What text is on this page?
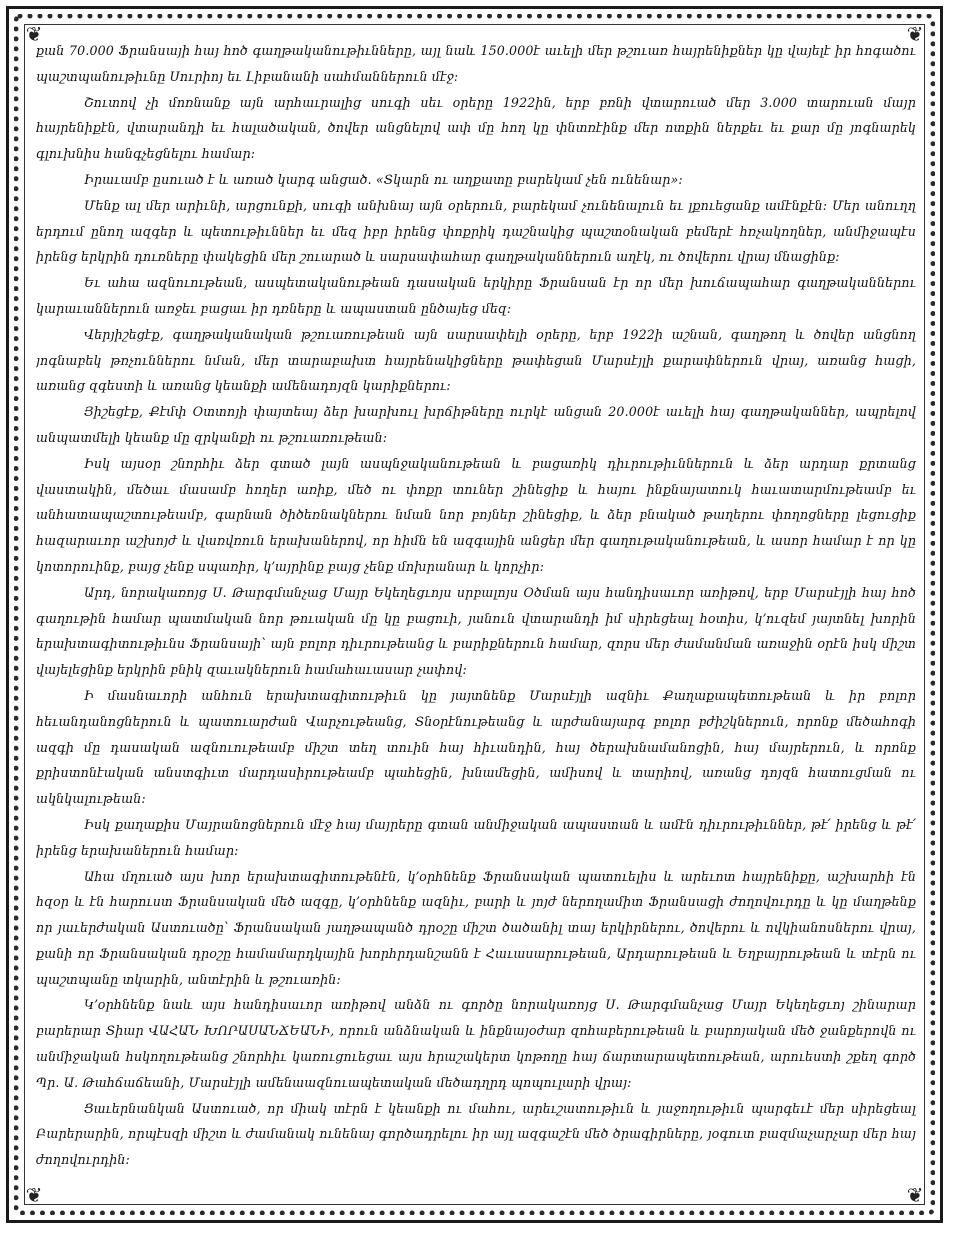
❦	❦
❦	❦

քան 70.000 Ֆրանսայի հայ հոծ գաղթականութիւնները, այլ նաև 150.000է աւելի մեր թշուառ հայրենիքներ կը վայելէ իր հոգածու պաշտպանութիւնը Սուրիոյ եւ Լիբանանի սահմաններուն մէջ։

Շուտով չի մոռնանք այն արհաւրալից սուգի սեւ օրերը 1922ին, երբ բռնի վտարուած մեր 3.000 տարուան մայր հայրենիքէն, վտարանդի եւ հալածական, ծովեր անցնելով ափ մը հող կը փնտռէինք մեր ոտքին ներքեւ եւ քար մը յոգնարեկ գլուխնիս հանգչեցնելու համար։

Իրաւամբ ըսուած է և առած կարգ անցած. «Տկարն ու աղքատը բարեկամ չեն ունենար»։

Մենք ալ մեր արիւնի, արցունքի, սուգի անխնայ այն օրերուն, բարեկամ չունենալուն եւ լքուեցանք ամէնքէն։ Մեր անուղղ երդում ընող ազգեր և պետութիւններ եւ մեզ իբր իրենց փոքրիկ դաշնակից պաշտօնական բեմերէ հռչակողներ, անմիջապէս իրենց երկրին դուռները փակեցին մեր շուարած և սարսափահար գաղթականներուն աղէկ, ու ծովերու վրայ մնացինք։

Եւ ահա ազնուութեան, ասպետականութեան դասական երկիրը Ֆրանսան էր որ մեր խուճապահար գաղթականներու կարաւաններուն առջեւ բացաւ իր դռները և ապաստան ընծայեց մեզ։

Վերյիշեցէք, գաղթականական թշուառութեան այն սարսափելի օրերը, երբ 1922ի աշնան, գաղթող և ծովեր անցնող յոգնաբեկ թռչուններու նման, մեր տարաբախտ հայրենակիցները թափեցան Մարսէյլի քարափներուն վրայ, առանց հացի, առանց զգեստի և առանց կեանքի ամենադոյզն կարիքներու։

Յիշեցէք, Քէմփ Օտտոյի փայտեայ ձեր խարխուլ խրճիթները ուրկէ անցան 20.000է աւելի հայ գաղթականներ, ապրելով անպատմելի կեանք մը զրկանքի ու թշուառութեան։

Իսկ այսօր շնորհիւ ձեր գտած լայն ասպնջականութեան և բացառիկ դիւրութիւններուն և ձեր արդար քրտանց վաստակին, մեծաւ մասամբ հողեր առիք, մեծ ու փոքր տուներ շինեցիք և հայու ինքնայատուկ հաւատարմութեամբ եւ անհատապաշտութեամբ, գարնան ծիծեռնակներու նման նոր բոյներ շինեցիք, և ձեր բնակած թաղերու փողոցները լեցուցիք հազարաւոր աշխոյժ և վառվռուն երախաներով, որ հիմն են ազգային անցեր մեր գաղութականութեան, և ասոր համար է որ կը կոտորուինք, բայց չենք սպառիր, կ՚այրինք բայց չենք մոխրանար և կորչիր։

Արդ, նորակառոյց Ս. Թարգմանչաց Մայր Եկեղեցւոյս սրբալոյս Օծման այս հանդիսաւոր առիթով, երբ Մարսէյլի հայ հոծ գաղութին համար պատմական նոր թուական մը կը բացուի, յանուն վտարանդի իմ սիրեցեալ հօտիս, կ՚ուզեմ յայտնել խորին երախտագիտութիւնս Ֆրանսայի՝ այն բոլոր դիւրութեանց և բարիքներուն համար, զորս մեր ժամանման առաջին օրէն իսկ միշտ վայելեցինք երկրին բնիկ զաւակներուն համահաւասար չափով։

Ի մասնաւորի անհուն երախտագիտութիւն կը յայտնենք Մարսէյլի ազնիւ Քաղաքապետութեան և իր բոլոր հեւանդանոցներուն և պատուարժան Վարչութեանց, Տնօրէնութեանց և արժանայարգ բոլոր բժիշկներուն, որոնք մեծահոգի ազգի մը դասական ազնուութեամբ միշտ տեղ տուին հայ հիւանդին, հայ ծերախնամանոցին, հայ մայրերուն, և որոնք քրիստոնէական անստգիւտ մարդասիրութեամբ պահեցին, խնամեցին, ամիսով և տարիով, առանց դոյզն հատուցման ու ակնկալութեան։

Իսկ քաղաքիս Մայրանոցներուն մէջ հայ մայրերը գտան անմիջական ապաստան և ամէն դիւրութիւններ, թէ՛ իրենց և թէ՛ իրենց երախաներուն համար։

Ահա մղուած այս խոր երախտագիտութենէն, կ՚օրհնենք Ֆրանսական պատուելիս և արեւոտ հայրենիքը, աշխարհի էն հզօր և էն հարուստ Ֆրանսական մեծ ազգը, կ՚օրհնենք ազնիւ, բարի և յոյժ ներողամիտ Ֆրանսացի ժողովուրդը և կը մաղթենք որ յաւերժական Աստուածը՝ Ֆրանսական յաղթապանծ դրօշը միշտ ծածանիլ տայ երկիրներու, ծովերու և ովկիանոսներու վրայ, քանի որ Ֆրանսական դրօշը համամարդկային խորհրդանշանն է Հաւասարութեան, Արդարութեան և Եղբայրութեան և տէրն ու պաշտպանը տկարին, անտէրին և թշուառին։

Կ՚օրհնենք նաև այս հանդիսաւոր առիթով անձն ու գործը նորակառոյց Ս. Թարգմանչաց Մայր Եկեղեցւոյ շինարար բարերար Տիար ՎԱՀԱՆ ԽՈՐԱՍԱՆՃԵԱՆԻ, որուն անձնական և ինքնայօժար զոհաբերութեան և բարոյական մեծ ջանքերովն ու անմիջական հսկողութեանց շնորհիւ կառուցուեցաւ այս հրաշակերտ կոթողը հայ ճարտարապետութեան, արուեստի շքեղ գործ Պր. Ա. Թահճաճեանի, Մարսէյլի ամենաազնուապետական մեծադղրդ պոպուլարի վրայ։

Ցաւերնանկան Աստուած, որ միակ տէրն է կեանքի ու մահու, արեւշատութիւն և յաջողութիւն պարգեւէ մեր սիրեցեալ Բարերարին, որպէսզի միշտ և ժամանակ ունենայ գործադրելու իր այլ ազգաշէն մեծ ծրագիրները, յօգուտ բազմաչարչար մեր հայ ժողովուրդին։
